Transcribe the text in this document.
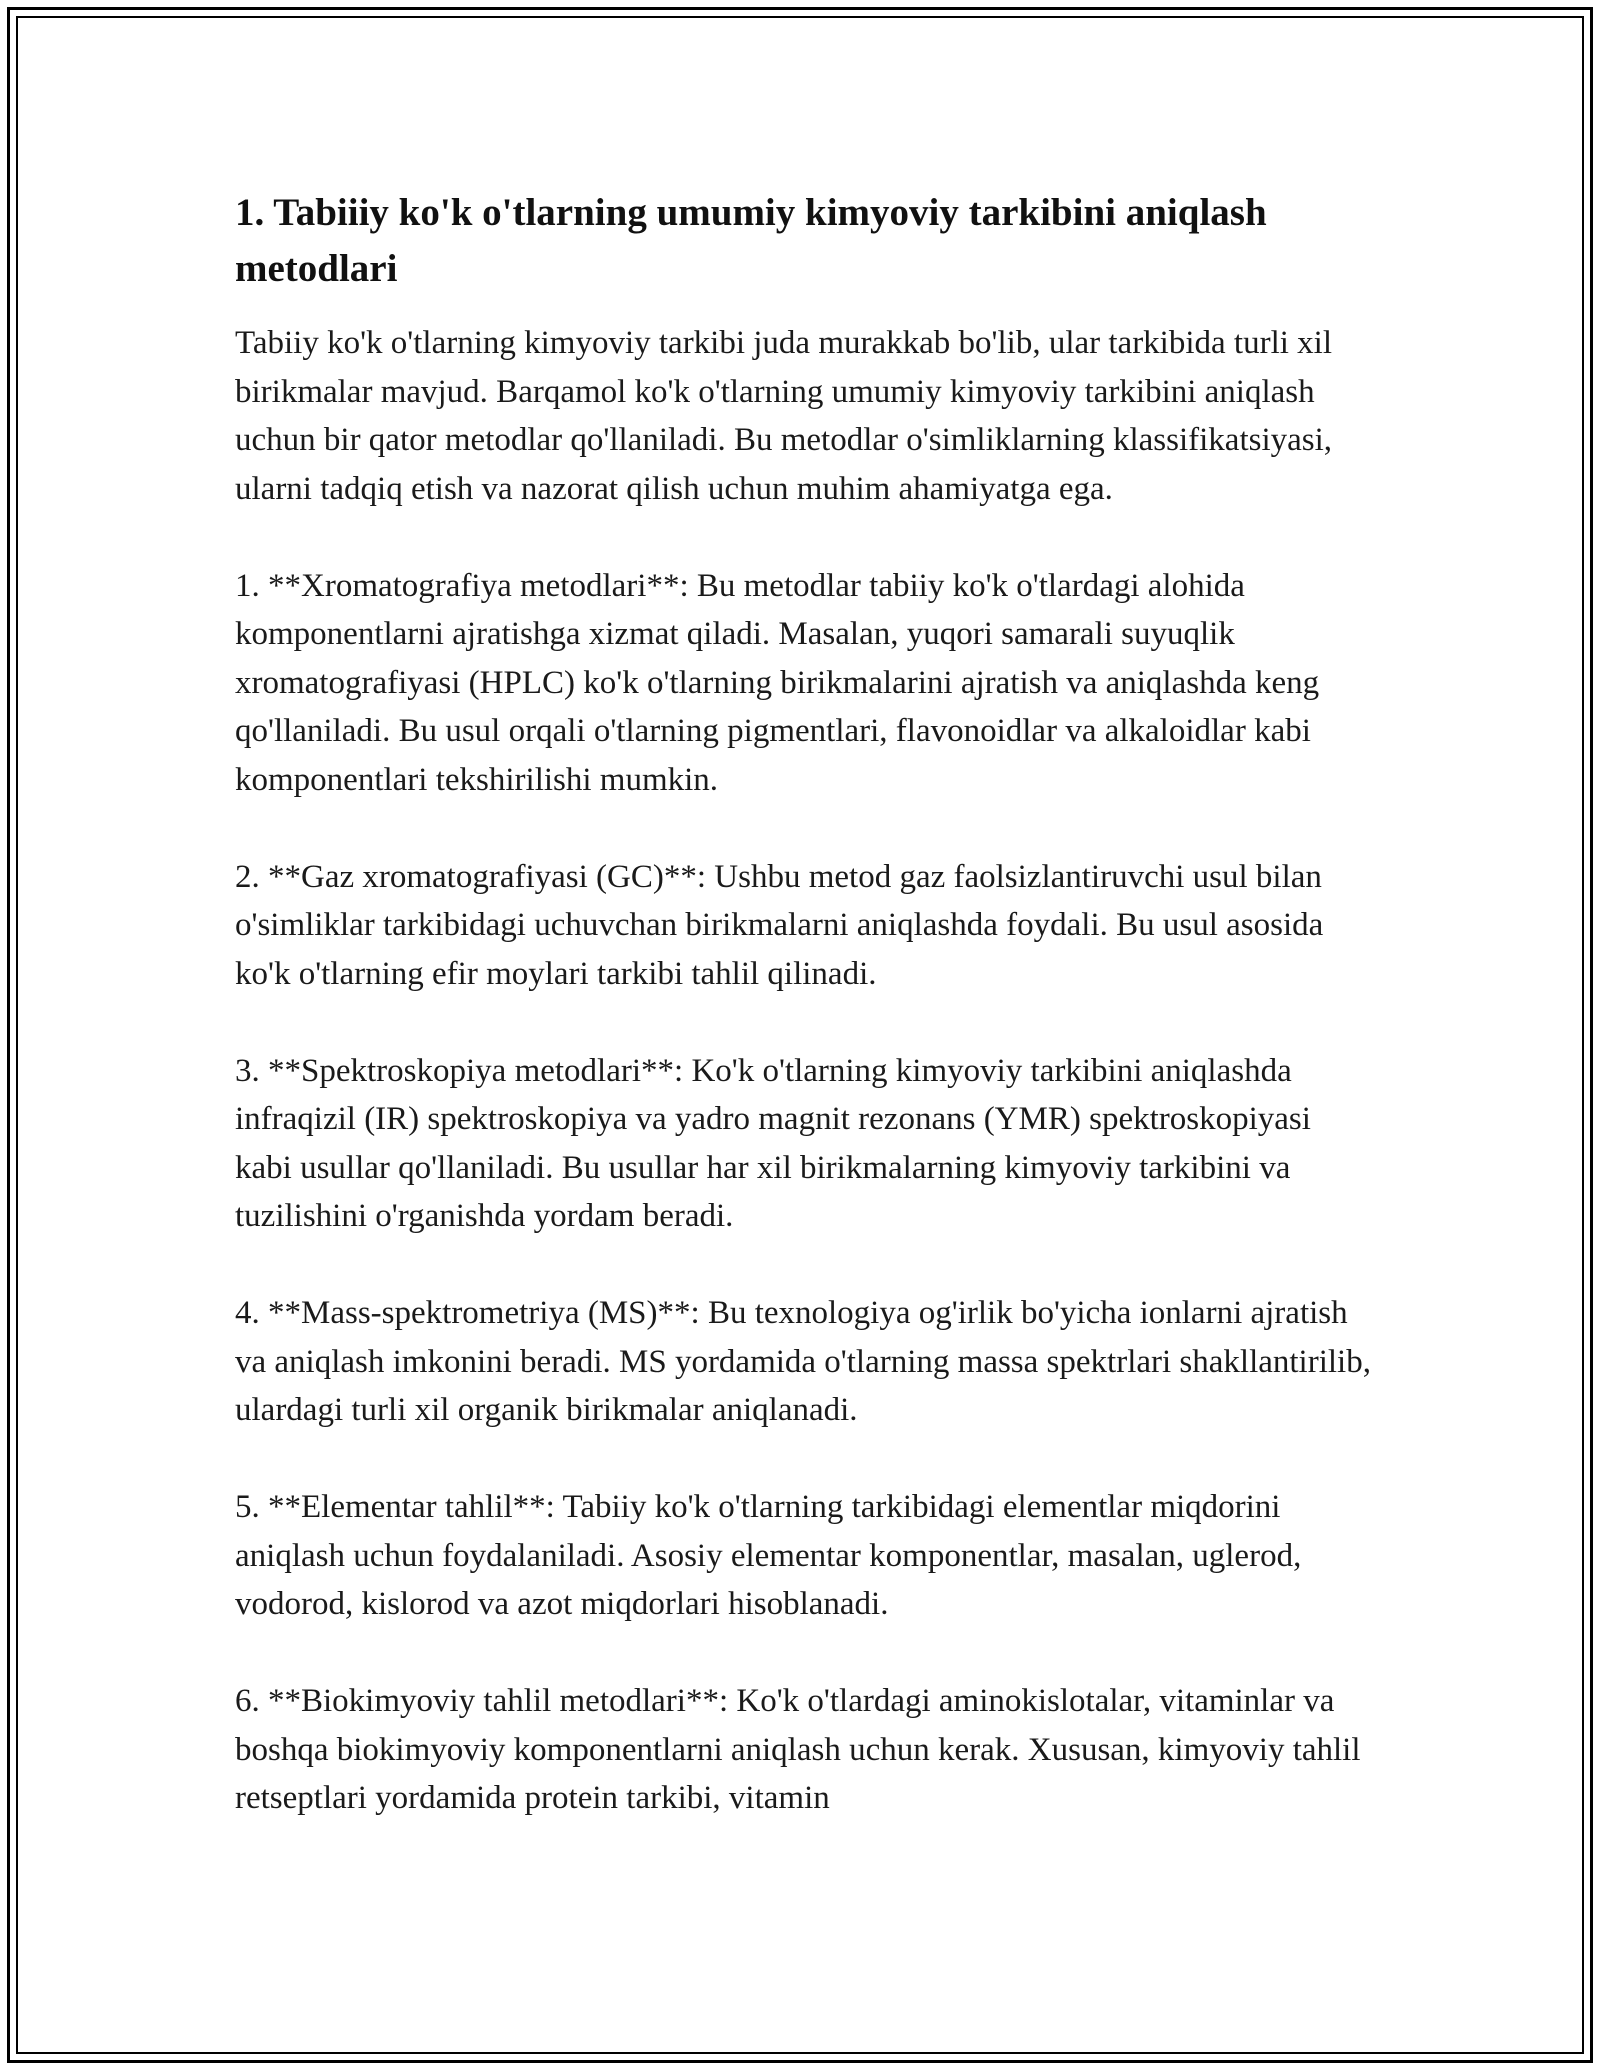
1. Tabiiiy ko'k o'tlarning umumiy kimyoviy tarkibini aniqlash metodlari

Tabiiy ko'k o'tlarning kimyoviy tarkibi juda murakkab bo'lib, ular tarkibida turli xil birikmalar mavjud. Barqamol ko'k o'tlarning umumiy kimyoviy tarkibini aniqlash uchun bir qator metodlar qo'llaniladi. Bu metodlar o'simliklarning klassifikatsiyasi, ularni tadqiq etish va nazorat qilish uchun muhim ahamiyatga ega.

1. **Xromatografiya metodlari**: Bu metodlar tabiiy ko'k o'tlardagi alohida komponentlarni ajratishga xizmat qiladi. Masalan, yuqori samarali suyuqlik xromatografiyasi (HPLC) ko'k o'tlarning birikmalarini ajratish va aniqlashda keng qo'llaniladi. Bu usul orqali o'tlarning pigmentlari, flavonoidlar va alkaloidlar kabi komponentlari tekshirilishi mumkin.

2. **Gaz xromatografiyasi (GC)**: Ushbu metod gaz faolsizlantiruvchi usul bilan o'simliklar tarkibidagi uchuvchan birikmalarni aniqlashda foydali. Bu usul asosida ko'k o'tlarning efir moylari tarkibi tahlil qilinadi.

3. **Spektroskopiya metodlari**: Ko'k o'tlarning kimyoviy tarkibini aniqlashda infraqizil (IR) spektroskopiya va yadro magnit rezonans (YMR) spektroskopiyasi kabi usullar qo'llaniladi. Bu usullar har xil birikmalarning kimyoviy tarkibini va tuzilishini o'rganishda yordam beradi.

4. **Mass-spektrometriya (MS)**: Bu texnologiya og'irlik bo'yicha ionlarni ajratish va aniqlash imkonini beradi. MS yordamida o'tlarning massa spektrlari shakllantirilib, ulardagi turli xil organik birikmalar aniqlanadi.

5. **Elementar tahlil**: Tabiiy ko'k o'tlarning tarkibidagi elementlar miqdorini aniqlash uchun foydalaniladi. Asosiy elementar komponentlar, masalan, uglerod, vodorod, kislorod va azot miqdorlari hisoblanadi.

6. **Biokimyoviy tahlil metodlari**: Ko'k o'tlardagi aminokislotalar, vitaminlar va boshqa biokimyoviy komponentlarni aniqlash uchun kerak. Xususan, kimyoviy tahlil retseptlari yordamida protein tarkibi, vitamin
